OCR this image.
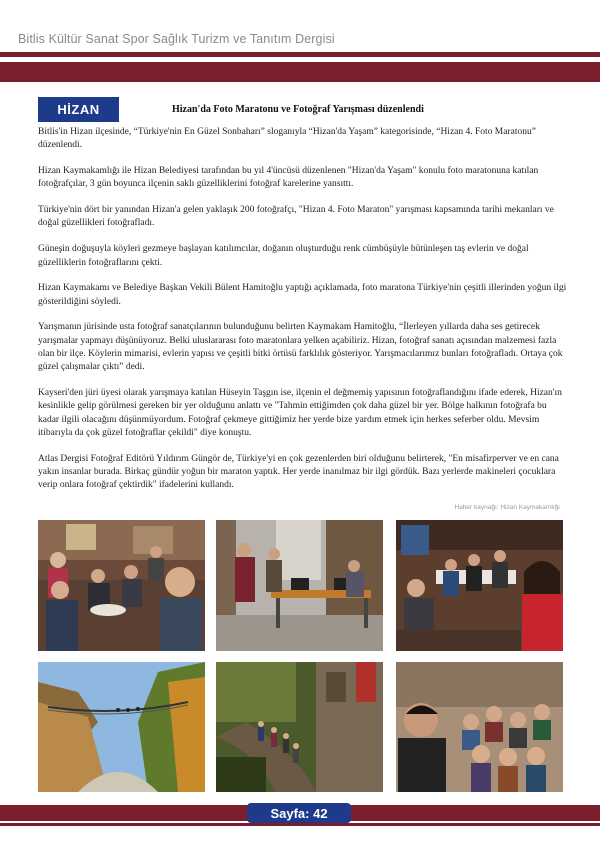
Bitlis Kültür Sanat Spor Sağlık Turizm ve Tanıtım Dergisi
HİZAN	Hizan'da Foto Maratonu ve Fotoğraf Yarışması düzenlendi

Bitlis'in Hizan ilçesinde, “Türkiye'nin En Güzel Sonbaharı” sloganıyla “Hizan'da Yaşam” kategorisinde, “Hizan 4. Foto Maratonu” düzenlendi.

Hizan Kaymakamlığı ile Hizan Belediyesi tarafından bu yıl 4'üncüsü düzenlenen "Hizan'da Yaşam" konulu foto maratonuna katılan fotoğrafçılar, 3 gün boyunca ilçenin saklı güzelliklerini fotoğraf karelerine yansıttı.

Türkiye'nin dört bir yanından Hizan'a gelen yaklaşık 200 fotoğrafçı, "Hizan 4. Foto Maraton" yarışması kapsamında tarihi mekanları ve doğal güzellikleri fotoğrafladı.

Güneşin doğuşuyla köyleri gezmeye başlayan katılımcılar, doğanın oluşturduğu renk cümbüşüyle bütünleşen taş evlerin ve doğal güzelliklerin fotoğraflarını çekti.

Hizan Kaymakamı ve Belediye Başkan Vekili Bülent Hamitoğlu yaptığı açıklamada, foto maratona Türkiye'nin çeşitli illerinden yoğun ilgi gösterildiğini söyledi.

Yarışmanın jürisinde usta fotoğraf sanatçılarının bulunduğunu belirten Kaymakam Hamitoğlu, “İlerleyen yıllarda daha ses getirecek yarışmalar yapmayı düşünüyoruz. Belki uluslararası foto maratonlara yelken açabiliriz. Hizan, fotoğraf sanatı açısından malzemesi fazla olan bir ilçe. Köylerin mimarisi, evlerin yapısı ve çeşitli bitki örtüsü farklılık gösteriyor. Yarışmacılarımız bunları fotoğrafladı. Ortaya çok güzel çalışmalar çıktı” dedi.

Kayseri'den jüri üyesi olarak yarışmaya katılan Hüseyin Taşgın ise, ilçenin el değmemiş yapısının fotoğraflandığını ifade ederek, Hizan'ın kesinlikle gelip görülmesi gereken bir yer olduğunu anlattı ve "Tahmin ettiğimden çok daha güzel bir yer. Bölge halkının fotoğrafa bu kadar ilgili olacağını düşünmüyordum. Fotoğraf çekmeye gittiğimiz her yerde bize yardım etmek için herkes seferber oldu. Mevsim itibarıyla da çok güzel fotoğraflar çekildi" diye konuştu.

Atlas Dergisi Fotoğraf Editörü Yıldırım Güngör de, Türkiye'yi en çok gezenlerden biri olduğunu belirterek, "En misafirperver ve en cana yakın insanlar burada. Birkaç gündür yoğun bir maraton yaptık. Her yerde inanılmaz bir ilgi gördük. Bazı yerlerde makineleri çocuklara verip onlara fotoğraf çektirdik" ifadelerini kullandı.

Haber kaynağı: Hizan Kaymakamlığı
Sayfa: 42
